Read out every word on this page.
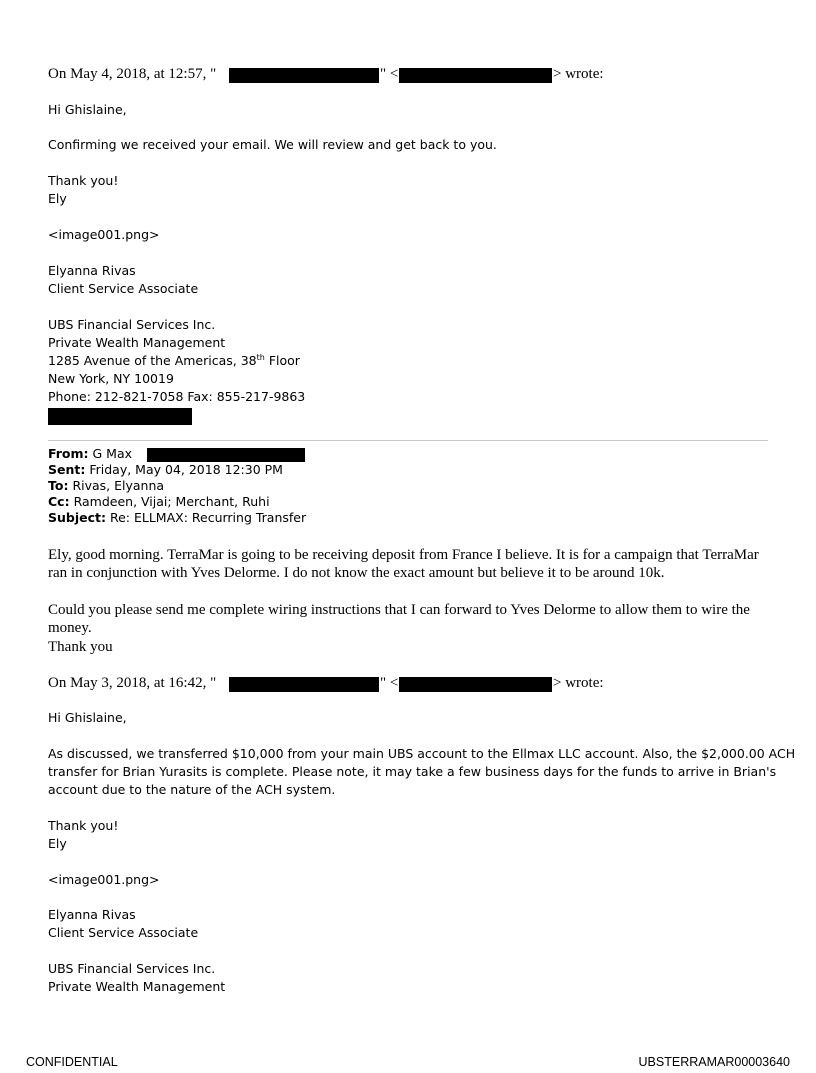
On May 4, 2018, at 12:57, "	" <	> wrote:
Hi Ghislaine,
Confirming we received your email. We will review and get back to you.
Thank you!
Ely
<image001.png>
Elyanna Rivas
Client Service Associate
UBS Financial Services Inc.
Private Wealth Management
1285 Avenue of the Americas, 38th Floor
New York, NY 10019
Phone: 212-821-7058 Fax: 855-217-9863
From: G Max
Sent: Friday, May 04, 2018 12:30 PM
To: Rivas, Elyanna
Cc: Ramdeen, Vijai; Merchant, Ruhi
Subject: Re: ELLMAX: Recurring Transfer
Ely, good morning. TerraMar is going to be receiving deposit from France I believe. It is for a campaign that TerraMar ran in conjunction with Yves Delorme. I do not know the exact amount but believe it to be around 10k.
Could you please send me complete wiring instructions that I can forward to Yves Delorme to allow them to wire the money.
Thank you
On May 3, 2018, at 16:42, "	" <	> wrote:
Hi Ghislaine,
As discussed, we transferred $10,000 from your main UBS account to the Ellmax LLC account. Also, the $2,000.00 ACH
transfer for Brian Yurasits is complete. Please note, it may take a few business days for the funds to arrive in Brian's
account due to the nature of the ACH system.
Thank you!
Ely
<image001.png>
Elyanna Rivas
Client Service Associate
UBS Financial Services Inc.
Private Wealth Management
CONFIDENTIAL	UBSTERRAMAR00003640
